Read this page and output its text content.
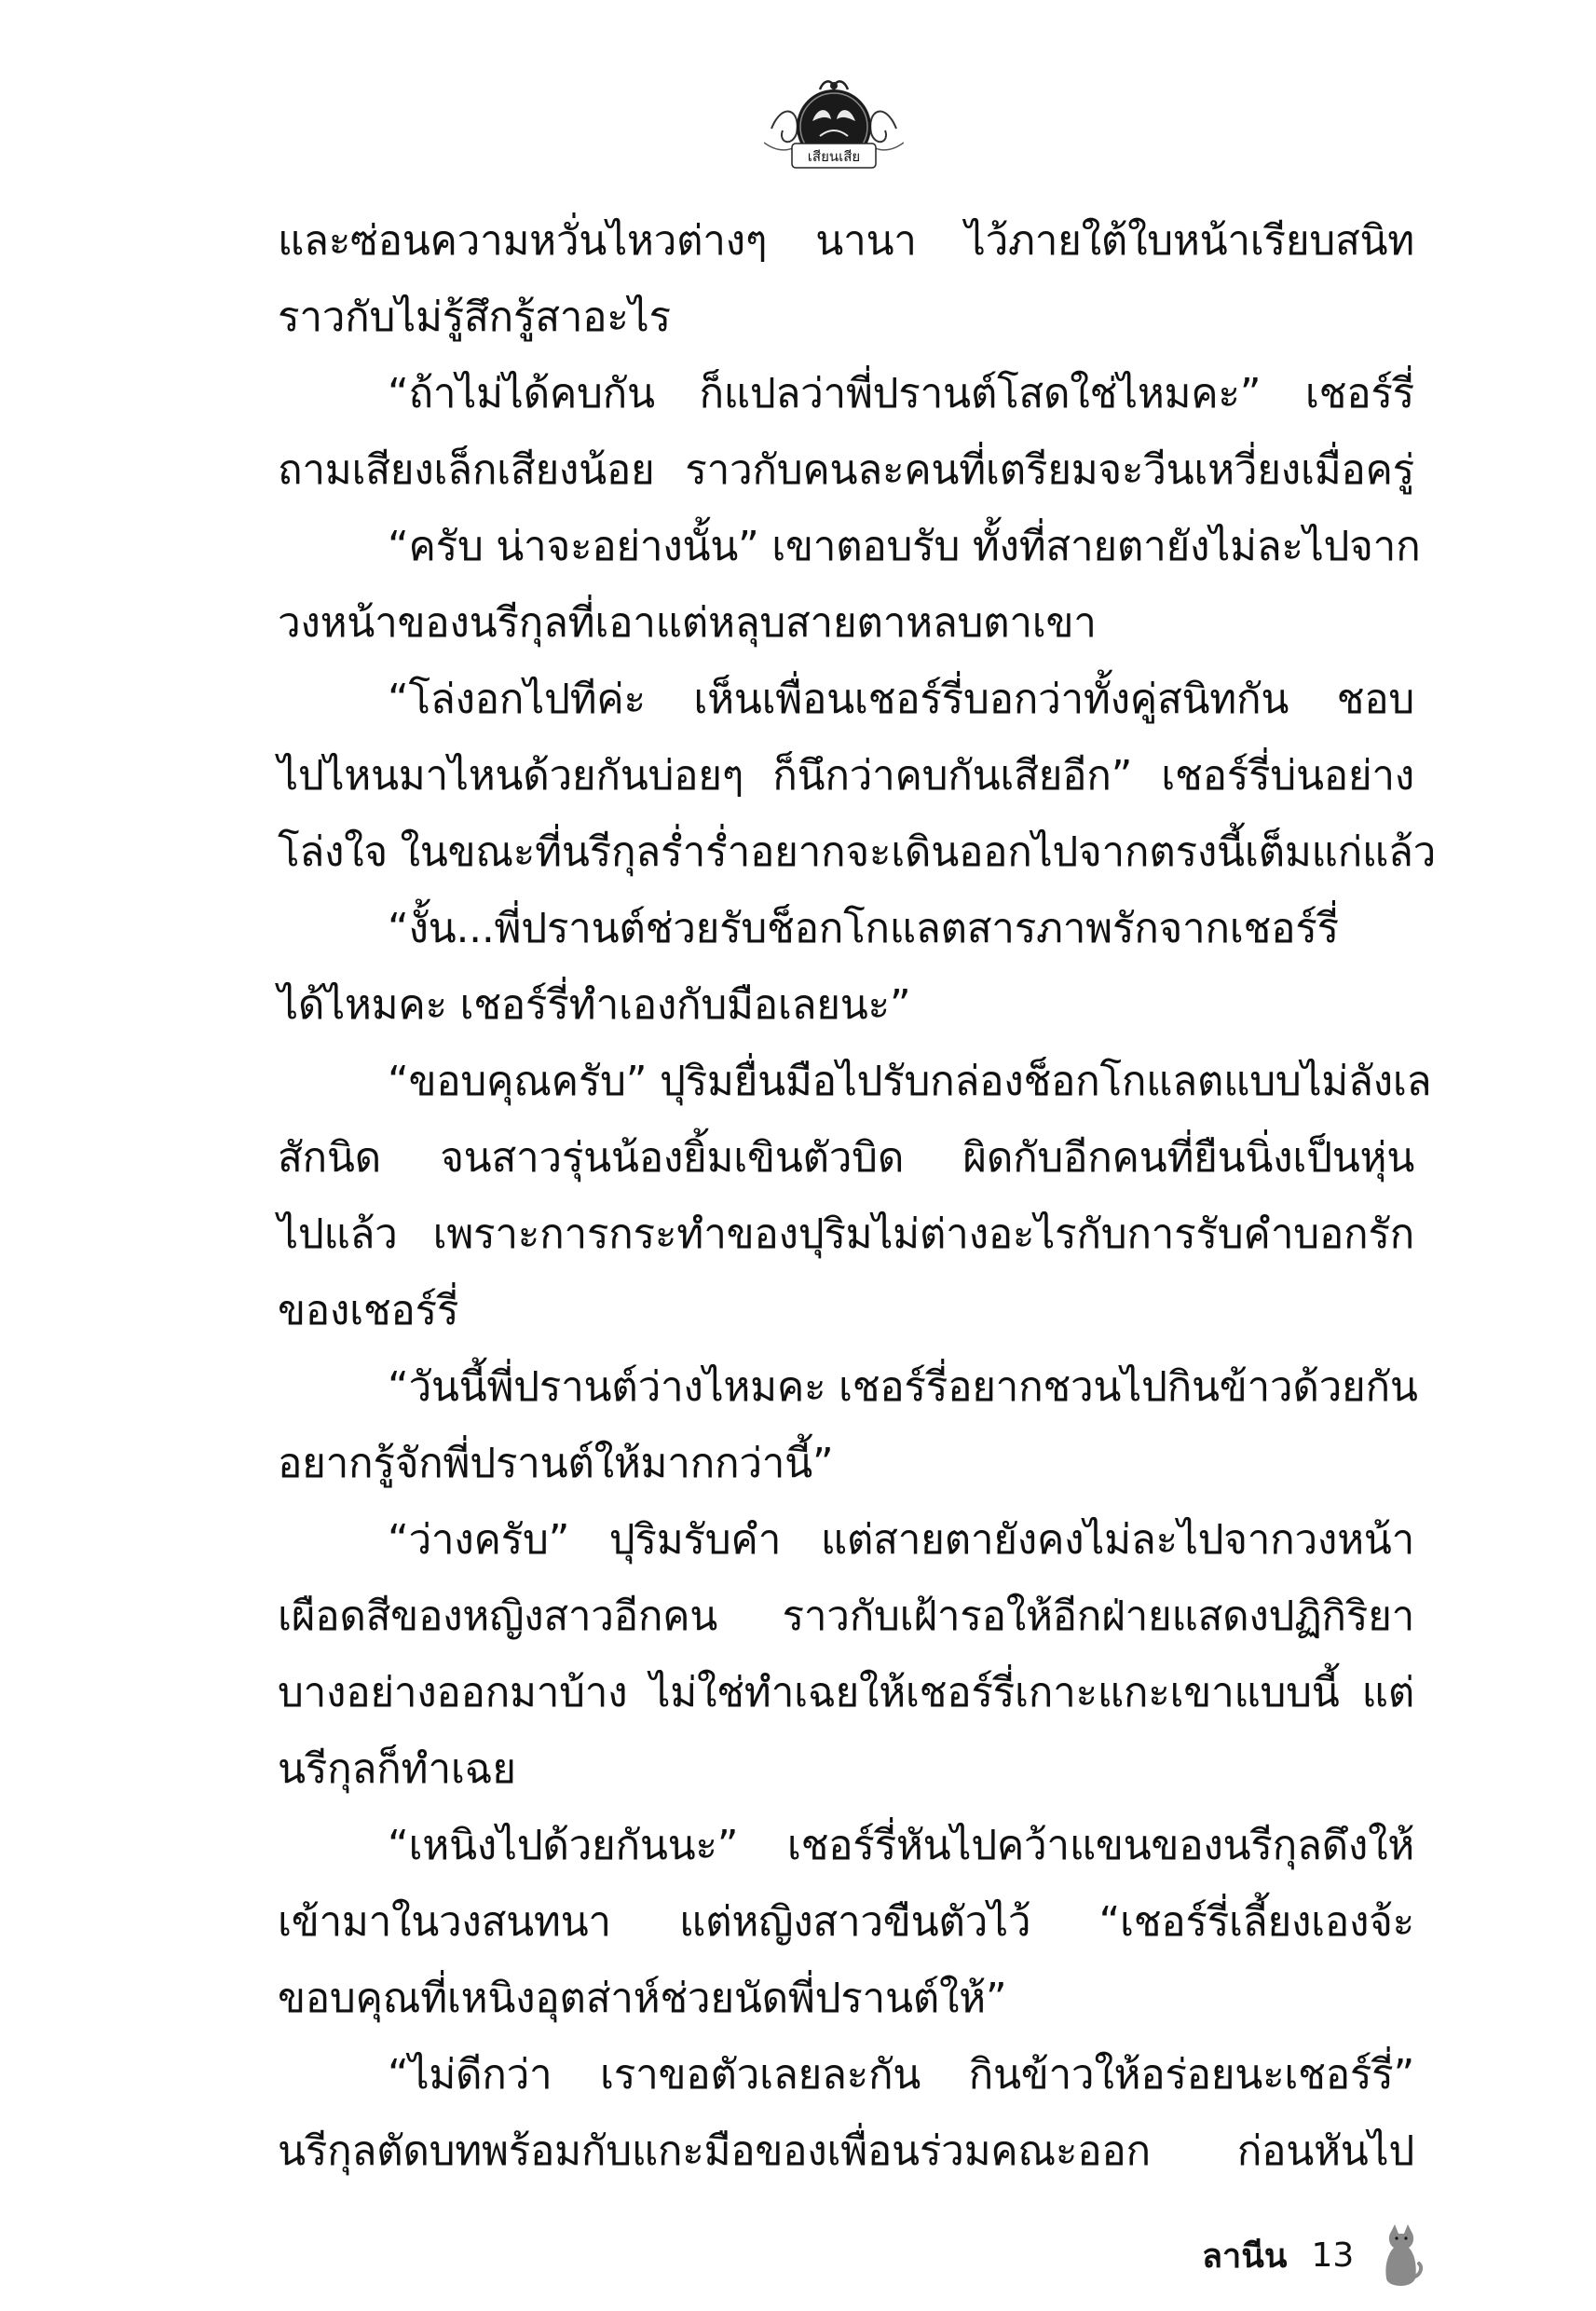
เสียนเสีย
และซ่อนความหวั่นไหวต่างๆ นานา ไว้ภายใต้ใบหน้าเรียบสนิท
ราวกับไม่รู้สึกรู้สาอะไร
“ถ้าไม่ได้คบกัน ก็แปลว่าพี่ปรานต์โสดใช่ไหมคะ” เชอร์รี่
ถามเสียงเล็กเสียงน้อย ราวกับคนละคนที่เตรียมจะวีนเหวี่ยงเมื่อครู่
“ครับ น่าจะอย่างนั้น” เขาตอบรับ ทั้งที่สายตายังไม่ละไปจาก
วงหน้าของนรีกุลที่เอาแต่หลุบสายตาหลบตาเขา
“โล่งอกไปทีค่ะ เห็นเพื่อนเชอร์รี่บอกว่าทั้งคู่สนิทกัน ชอบ
ไปไหนมาไหนด้วยกันบ่อยๆ ก็นึกว่าคบกันเสียอีก” เชอร์รี่บ่นอย่าง
โล่งใจ ในขณะที่นรีกุลร่ำร่ำอยากจะเดินออกไปจากตรงนี้เต็มแก่แล้ว
“งั้น...พี่ปรานต์ช่วยรับช็อกโกแลตสารภาพรักจากเชอร์รี่
ได้ไหมคะ เชอร์รี่ทำเองกับมือเลยนะ”
“ขอบคุณครับ” ปุริมยื่นมือไปรับกล่องช็อกโกแลตแบบไม่ลังเล
สักนิด จนสาวรุ่นน้องยิ้มเขินตัวบิด ผิดกับอีกคนที่ยืนนิ่งเป็นหุ่น
ไปแล้ว เพราะการกระทำของปุริมไม่ต่างอะไรกับการรับคำบอกรัก
ของเชอร์รี่
“วันนี้พี่ปรานต์ว่างไหมคะ เชอร์รี่อยากชวนไปกินข้าวด้วยกัน
อยากรู้จักพี่ปรานต์ให้มากกว่านี้”
“ว่างครับ” ปุริมรับคำ แต่สายตายังคงไม่ละไปจากวงหน้า
เผือดสีของหญิงสาวอีกคน ราวกับเฝ้ารอให้อีกฝ่ายแสดงปฏิกิริยา
บางอย่างออกมาบ้าง ไม่ใช่ทำเฉยให้เชอร์รี่เกาะแกะเขาแบบนี้ แต่
นรีกุลก็ทำเฉย
“เหนิงไปด้วยกันนะ” เชอร์รี่หันไปคว้าแขนของนรีกุลดึงให้
เข้ามาในวงสนทนา แต่หญิงสาวขืนตัวไว้ “เชอร์รี่เลี้ยงเองจ้ะ
ขอบคุณที่เหนิงอุตส่าห์ช่วยนัดพี่ปรานต์ให้”
“ไม่ดีกว่า เราขอตัวเลยละกัน กินข้าวให้อร่อยนะเชอร์รี่”
นรีกุลตัดบทพร้อมกับแกะมือของเพื่อนร่วมคณะออก ก่อนหันไป
ลานีน 13
